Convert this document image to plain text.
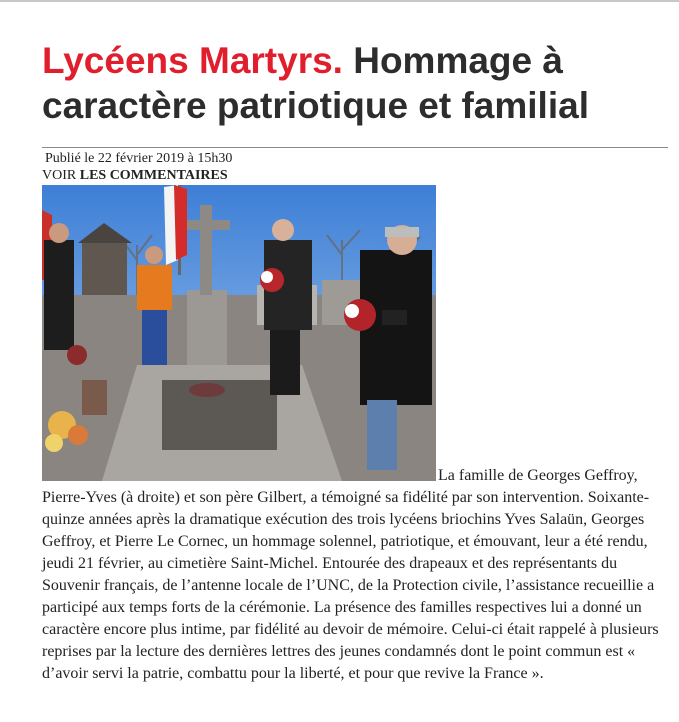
Lycéens Martyrs. Hommage à caractère patriotique et familial
Publié le 22 février 2019 à 15h30
VOIR LES COMMENTAIRES

La famille de Georges Geffroy, Pierre-Yves (à droite) et son père Gilbert, a témoigné sa fidélité par son intervention. Soixante-quinze années après la dramatique exécution des trois lycéens briochins Yves Salaün, Georges Geffroy, et Pierre Le Cornec, un hommage solennel, patriotique, et émouvant, leur a été rendu, jeudi 21 février, au cimetière Saint-Michel. Entourée des drapeaux et des représentants du Souvenir français, de l’antenne locale de l’UNC, de la Protection civile, l’assistance recueillie a participé aux temps forts de la cérémonie. La présence des familles respectives lui a donné un caractère encore plus intime, par fidélité au devoir de mémoire. Celui-ci était rappelé à plusieurs reprises par la lecture des dernières lettres des jeunes condamnés dont le point commun est « d’avoir servi la patrie, combattu pour la liberté, et pour que revive la France ».
